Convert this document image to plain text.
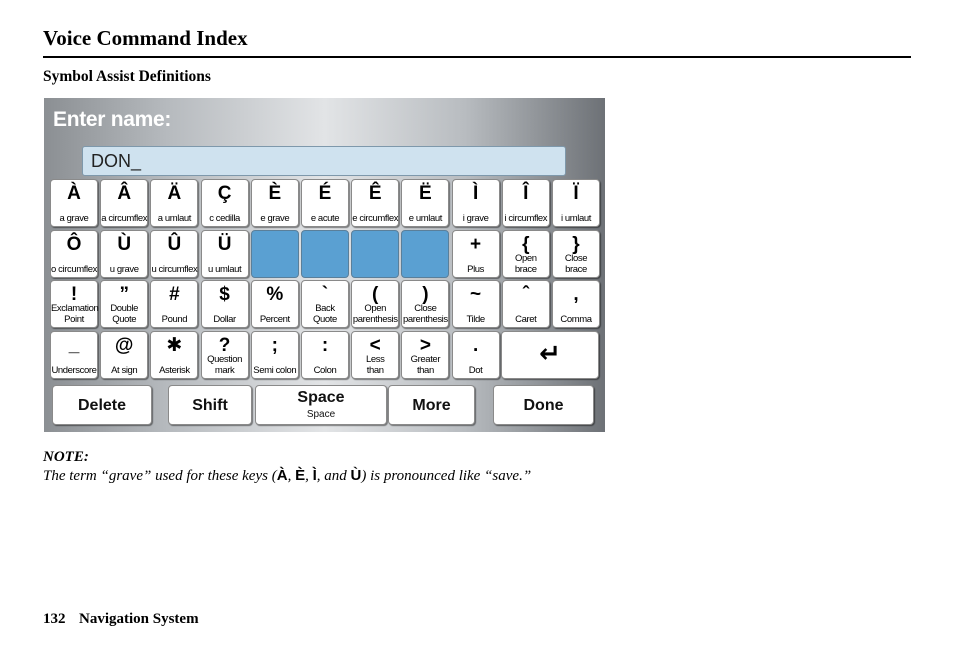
Voice Command Index
Symbol Assist Definitions
Enter name:
DON_
À
a grave
Â
a circumflex
Ä
a umlaut
Ç
c cedilla
È
e grave
É
e acute
Ê
e circumflex
Ë
e umlaut
Ì
i grave
Î
i circumflex
Ï
i umlaut
Ô
o circumflex
Ù
u grave
Û
u circumflex
Ü
u umlaut
+
Plus
{
Open
brace
}
Close
brace
!
Exclamation
Point
”
Double
Quote
#
Pound
$
Dollar
%
Percent
`
Back
Quote
(
Open
parenthesis
)
Close
parenthesis
~
Tilde
ˆ
Caret
,
Comma
_
Underscore
@
At sign
✱
Asterisk
?
Question
mark
;
Semi colon
:
Colon
<
Less
than
>
Greater
than
.
Dot
↵
Delete	Shift	Space
Space
More	Done
NOTE:
The term “grave” used for these keys (À, È, Ì, and Ù) is pronounced like “save.”
132 Navigation System
